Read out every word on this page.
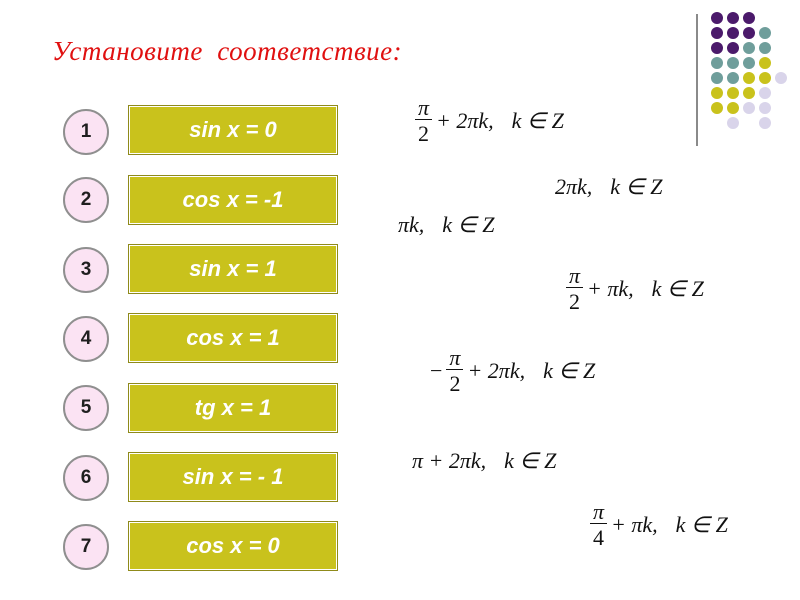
Установите  соответствие:
1	sin x = 0
2	cos x = -1
3	sin x = 1
4	cos x = 1
5	tg x = 1
6	sin x = - 1
7	cos x = 0
$\frac{\pi}{2} + 2\pi k$, k ∈ Z
2πk, k ∈ Z
πk, k ∈ Z
$\frac{\pi}{2} + \pi k$, k ∈ Z
− $\frac{\pi}{2} + 2\pi k$, k ∈ Z
π + 2πk, k ∈ Z
$\frac{\pi}{4} + \pi k$, k ∈ Z
